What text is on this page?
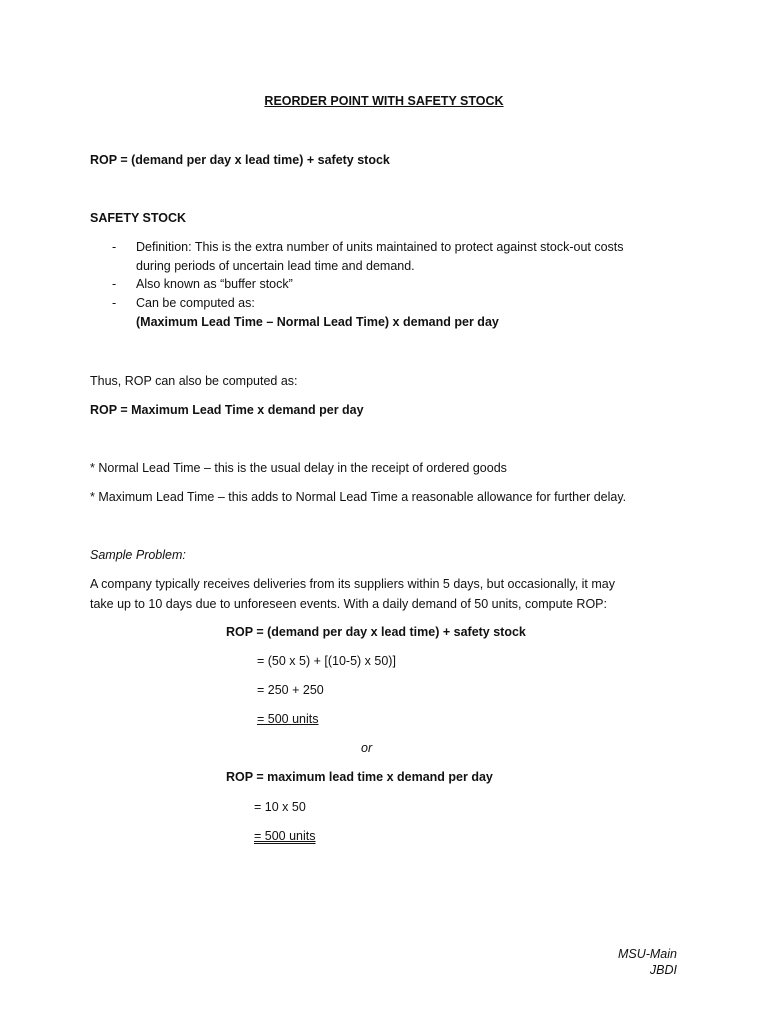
REORDER POINT WITH SAFETY STOCK
ROP = (demand per day x lead time) + safety stock
SAFETY STOCK
- Definition: This is the extra number of units maintained to protect against stock-out costs
during periods of uncertain lead time and demand.
- Also known as “buffer stock”
- Can be computed as:
(Maximum Lead Time – Normal Lead Time) x demand per day
Thus, ROP can also be computed as:
ROP = Maximum Lead Time x demand per day
* Normal Lead Time – this is the usual delay in the receipt of ordered goods
* Maximum Lead Time – this adds to Normal Lead Time a reasonable allowance for further delay.
Sample Problem:
A company typically receives deliveries from its suppliers within 5 days, but occasionally, it may
take up to 10 days due to unforeseen events. With a daily demand of 50 units, compute ROP:
ROP = (demand per day x lead time) + safety stock
= (50 x 5) + [(10-5) x 50)]
= 250 + 250
= 500 units
or
ROP = maximum lead time x demand per day
= 10 x 50
= 500 units
MSU-Main
JBDI
